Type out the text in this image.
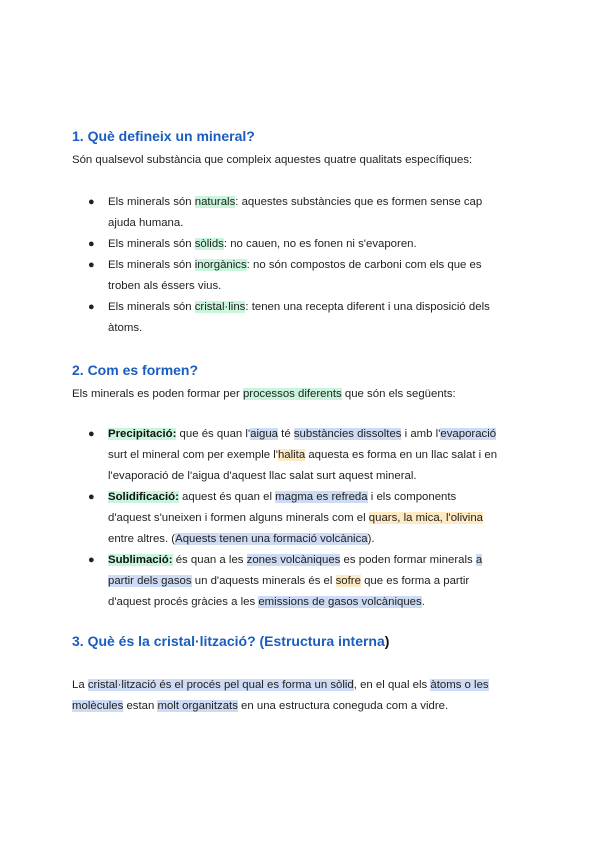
1. Què defineix un mineral?
Són qualsevol substància que compleix aquestes quatre qualitats específiques:
● Els minerals són naturals: aquestes substàncies que es formen sense cap
ajuda humana.
● Els minerals són sòlids: no cauen, no es fonen ni s'evaporen.
● Els minerals són inorgànics: no són compostos de carboni com els que es
troben als éssers vius.
● Els minerals són cristal·lins: tenen una recepta diferent i una disposició dels
àtoms.
2. Com es formen?
Els minerals es poden formar per processos diferents que són els següents:
● Precipitació: que és quan l'aigua té substàncies dissoltes i amb l'evaporació
surt el mineral com per exemple l'halita aquesta es forma en un llac salat i en
l'evaporació de l'aigua d'aquest llac salat surt aquest mineral.
● Solidificació: aquest és quan el magma es refreda i els components
d'aquest s'uneixen i formen alguns minerals com el quars, la mica, l'olivina
entre altres. (Aquests tenen una formació volcànica).
● Sublimació: és quan a les zones volcàniques es poden formar minerals a
partir dels gasos un d'aquests minerals és el sofre que es forma a partir
d'aquest procés gràcies a les emissions de gasos volcàniques.
3. Què és la cristal·lització? (Estructura interna)
La cristal·lització és el procés pel qual es forma un sòlid, en el qual els àtoms o les
molècules estan molt organitzats en una estructura coneguda com a vidre.
